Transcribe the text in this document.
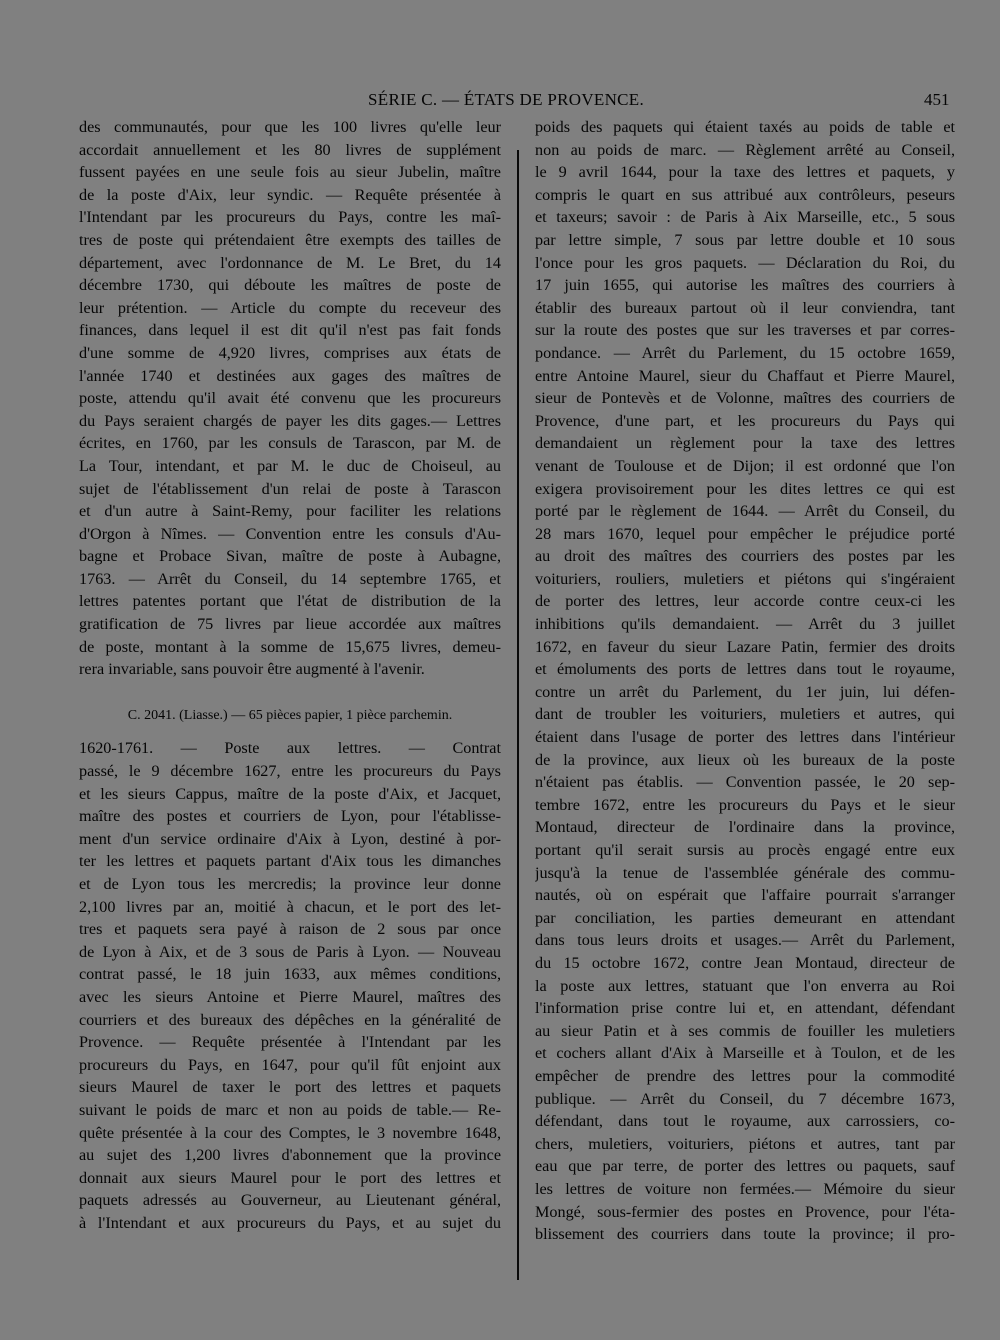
SÉRIE C. — ÉTATS DE PROVENCE.	451
des communautés, pour que les 100 livres qu'elle leur
accordait annuellement et les 80 livres de supplément
fussent payées en une seule fois au sieur Jubelin, maître
de la poste d'Aix, leur syndic. — Requête présentée à
l'Intendant par les procureurs du Pays, contre les maî-
tres de poste qui prétendaient être exempts des tailles de
département, avec l'ordonnance de M. Le Bret, du 14
décembre 1730, qui déboute les maîtres de poste de
leur prétention. — Article du compte du receveur des
finances, dans lequel il est dit qu'il n'est pas fait fonds
d'une somme de 4,920 livres, comprises aux états de
l'année 1740 et destinées aux gages des maîtres de
poste, attendu qu'il avait été convenu que les procureurs
du Pays seraient chargés de payer les dits gages.— Lettres
écrites, en 1760, par les consuls de Tarascon, par M. de
La Tour, intendant, et par M. le duc de Choiseul, au
sujet de l'établissement d'un relai de poste à Tarascon
et d'un autre à Saint-Remy, pour faciliter les relations
d'Orgon à Nîmes. — Convention entre les consuls d'Au-
bagne et Probace Sivan, maître de poste à Aubagne,
1763. — Arrêt du Conseil, du 14 septembre 1765, et
lettres patentes portant que l'état de distribution de la
gratification de 75 livres par lieue accordée aux maîtres
de poste, montant à la somme de 15,675 livres, demeu-
rera invariable, sans pouvoir être augmenté à l'avenir.
C. 2041. (Liasse.) — 65 pièces papier, 1 pièce parchemin.
1620-1761. — Poste aux lettres. — Contrat
passé, le 9 décembre 1627, entre les procureurs du Pays
et les sieurs Cappus, maître de la poste d'Aix, et Jacquet,
maître des postes et courriers de Lyon, pour l'établisse-
ment d'un service ordinaire d'Aix à Lyon, destiné à por-
ter les lettres et paquets partant d'Aix tous les dimanches
et de Lyon tous les mercredis; la province leur donne
2,100 livres par an, moitié à chacun, et le port des let-
tres et paquets sera payé à raison de 2 sous par once
de Lyon à Aix, et de 3 sous de Paris à Lyon. — Nouveau
contrat passé, le 18 juin 1633, aux mêmes conditions,
avec les sieurs Antoine et Pierre Maurel, maîtres des
courriers et des bureaux des dépêches en la généralité de
Provence. — Requête présentée à l'Intendant par les
procureurs du Pays, en 1647, pour qu'il fût enjoint aux
sieurs Maurel de taxer le port des lettres et paquets
suivant le poids de marc et non au poids de table.— Re-
quête présentée à la cour des Comptes, le 3 novembre 1648,
au sujet des 1,200 livres d'abonnement que la province
donnait aux sieurs Maurel pour le port des lettres et
paquets adressés au Gouverneur, au Lieutenant général,
à l'Intendant et aux procureurs du Pays, et au sujet du
poids des paquets qui étaient taxés au poids de table et
non au poids de marc. — Règlement arrêté au Conseil,
le 9 avril 1644, pour la taxe des lettres et paquets, y
compris le quart en sus attribué aux contrôleurs, peseurs
et taxeurs; savoir : de Paris à Aix Marseille, etc., 5 sous
par lettre simple, 7 sous par lettre double et 10 sous
l'once pour les gros paquets. — Déclaration du Roi, du
17 juin 1655, qui autorise les maîtres des courriers à
établir des bureaux partout où il leur conviendra, tant
sur la route des postes que sur les traverses et par corres-
pondance. — Arrêt du Parlement, du 15 octobre 1659,
entre Antoine Maurel, sieur du Chaffaut et Pierre Maurel,
sieur de Pontevès et de Volonne, maîtres des courriers de
Provence, d'une part, et les procureurs du Pays qui
demandaient un règlement pour la taxe des lettres
venant de Toulouse et de Dijon; il est ordonné que l'on
exigera provisoirement pour les dites lettres ce qui est
porté par le règlement de 1644. — Arrêt du Conseil, du
28 mars 1670, lequel pour empêcher le préjudice porté
au droit des maîtres des courriers des postes par les
voituriers, rouliers, muletiers et piétons qui s'ingéraient
de porter des lettres, leur accorde contre ceux-ci les
inhibitions qu'ils demandaient. — Arrêt du 3 juillet
1672, en faveur du sieur Lazare Patin, fermier des droits
et émoluments des ports de lettres dans tout le royaume,
contre un arrêt du Parlement, du 1er juin, lui défen-
dant de troubler les voituriers, muletiers et autres, qui
étaient dans l'usage de porter des lettres dans l'intérieur
de la province, aux lieux où les bureaux de la poste
n'étaient pas établis. — Convention passée, le 20 sep-
tembre 1672, entre les procureurs du Pays et le sieur
Montaud, directeur de l'ordinaire dans la province,
portant qu'il serait sursis au procès engagé entre eux
jusqu'à la tenue de l'assemblée générale des commu-
nautés, où on espérait que l'affaire pourrait s'arranger
par conciliation, les parties demeurant en attendant
dans tous leurs droits et usages.— Arrêt du Parlement,
du 15 octobre 1672, contre Jean Montaud, directeur de
la poste aux lettres, statuant que l'on enverra au Roi
l'information prise contre lui et, en attendant, défendant
au sieur Patin et à ses commis de fouiller les muletiers
et cochers allant d'Aix à Marseille et à Toulon, et de les
empêcher de prendre des lettres pour la commodité
publique. — Arrêt du Conseil, du 7 décembre 1673,
défendant, dans tout le royaume, aux carrossiers, co-
chers, muletiers, voituriers, piétons et autres, tant par
eau que par terre, de porter des lettres ou paquets, sauf
les lettres de voiture non fermées.— Mémoire du sieur
Mongé, sous-fermier des postes en Provence, pour l'éta-
blissement des courriers dans toute la province; il pro-
